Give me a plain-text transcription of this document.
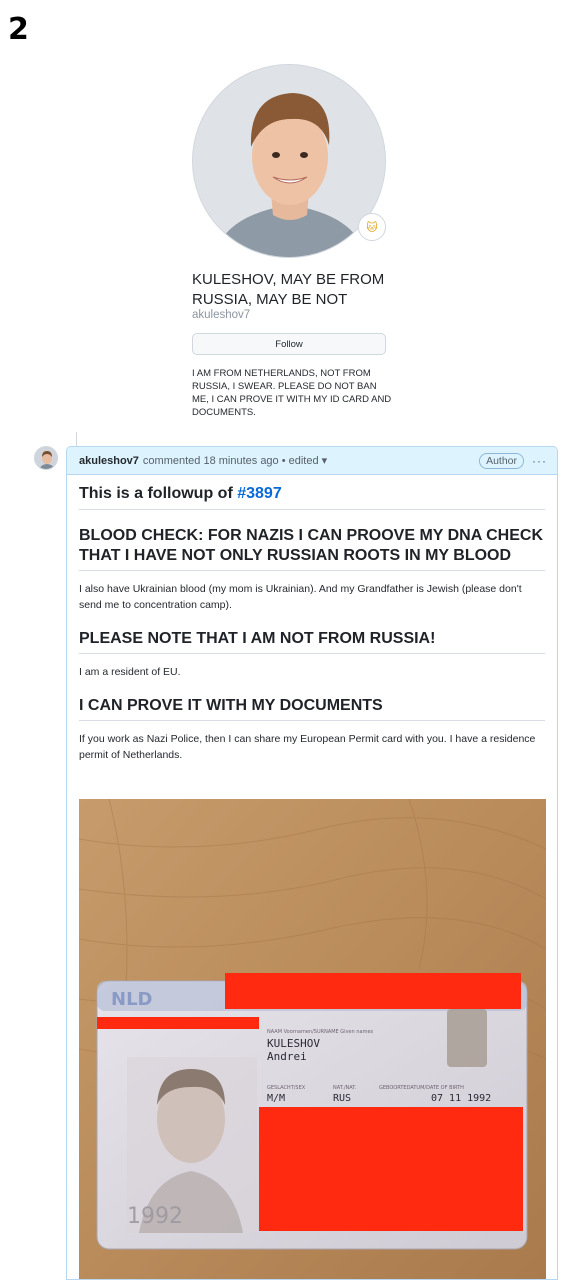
2
🐱
KULESHOV, MAY BE FROM RUSSIA, MAY BE NOT
akuleshov7
Follow
I AM FROM NETHERLANDS, NOT FROM RUSSIA, I SWEAR. PLEASE DO NOT BAN ME, I CAN PROVE IT WITH MY ID CARD AND DOCUMENTS.
akuleshov7 commented 18 minutes ago • edited ▾	Author	···
This is a followup of #3897
BLOOD CHECK: FOR NAZIS I CAN PROOVE MY DNA CHECK THAT I HAVE NOT ONLY RUSSIAN ROOTS IN MY BLOOD
I also have Ukrainian blood (my mom is Ukrainian). And my Grandfather is Jewish (please don't send me to concentration camp).
PLEASE NOTE THAT I AM NOT FROM RUSSIA!
I am a resident of EU.
I CAN PROVE IT WITH MY DOCUMENTS
If you work as Nazi Police, then I can share my European Permit card with you. I have a residence permit of Netherlands.
NLD
1992
NAAM Voornamen/SURNAME Given names
KULESHOV
Andrei
GESLACHT/SEX
M/M
NAT./NAT.
RUS
GEBOORTEDATUM/DATE OF BIRTH
07 11 1992
